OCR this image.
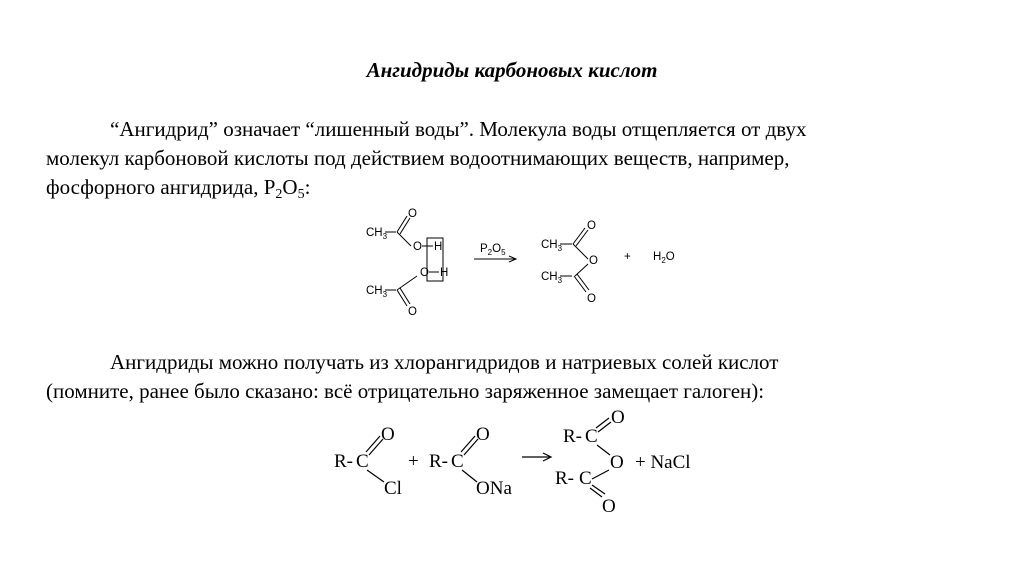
Ангидриды карбоновых кислот

“Ангидрид” означает “лишенный воды”. Молекула воды отщепляется от двух

молекул карбоновой кислоты под действием водоотнимающих веществ, например,

фосфорного ангидрида, $P_2O_5$:

$CH_3$
O
O H
O H
$CH_3$
O
$P_2O_5$
$CH_3$
O
O
$CH_3$
O
+ $H_2O$

Ангидриды можно получать из хлорангидридов и натриевых солей кислот

(помните, ранее было сказано: всё отрицательно заряженное замещает галоген):

R- C
O
Cl
+ R- C
O
ONa
R- C
O
O
R- C
O
+ NaCl
